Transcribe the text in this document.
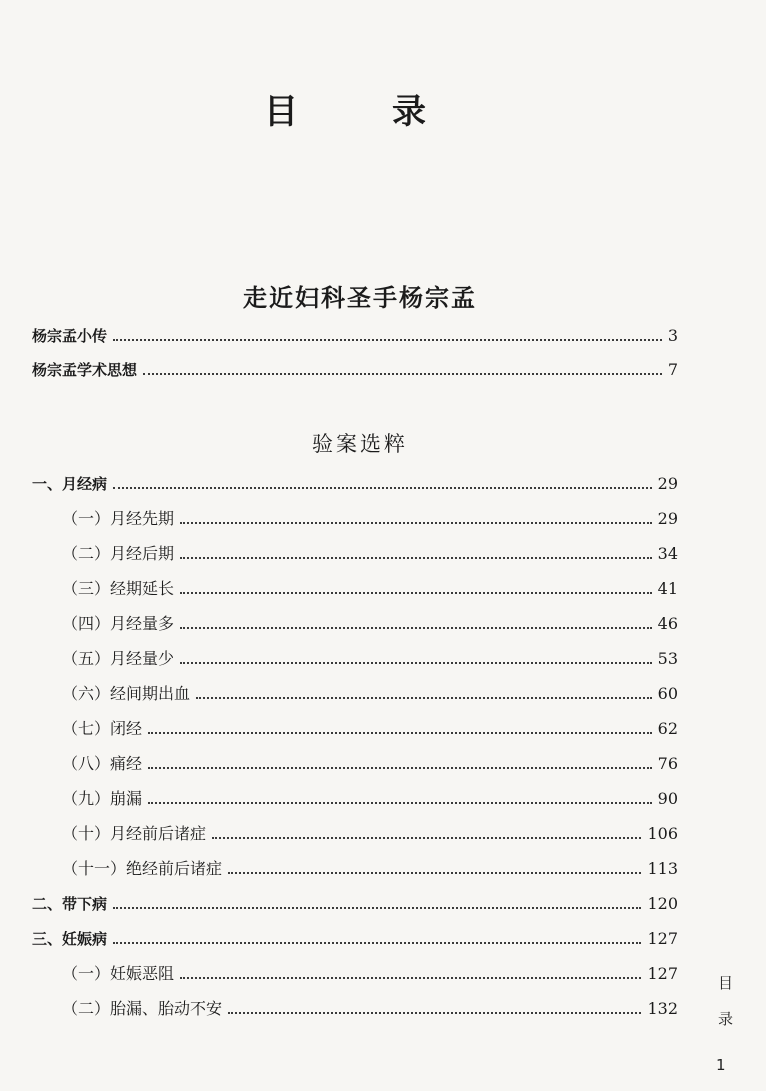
目　录
走近妇科圣手杨宗孟
杨宗孟小传	3
杨宗孟学术思想	7
验案选粹
一、月经病	29
（一）月经先期	29
（二）月经后期	34
（三）经期延长	41
（四）月经量多	46
（五）月经量少	53
（六）经间期出血	60
（七）闭经	62
（八）痛经	76
（九）崩漏	90
（十）月经前后诸症	106
（十一）绝经前后诸症	113
二、带下病	120
三、妊娠病	127
（一）妊娠恶阻	127
（二）胎漏、胎动不安	132
目
录
1
